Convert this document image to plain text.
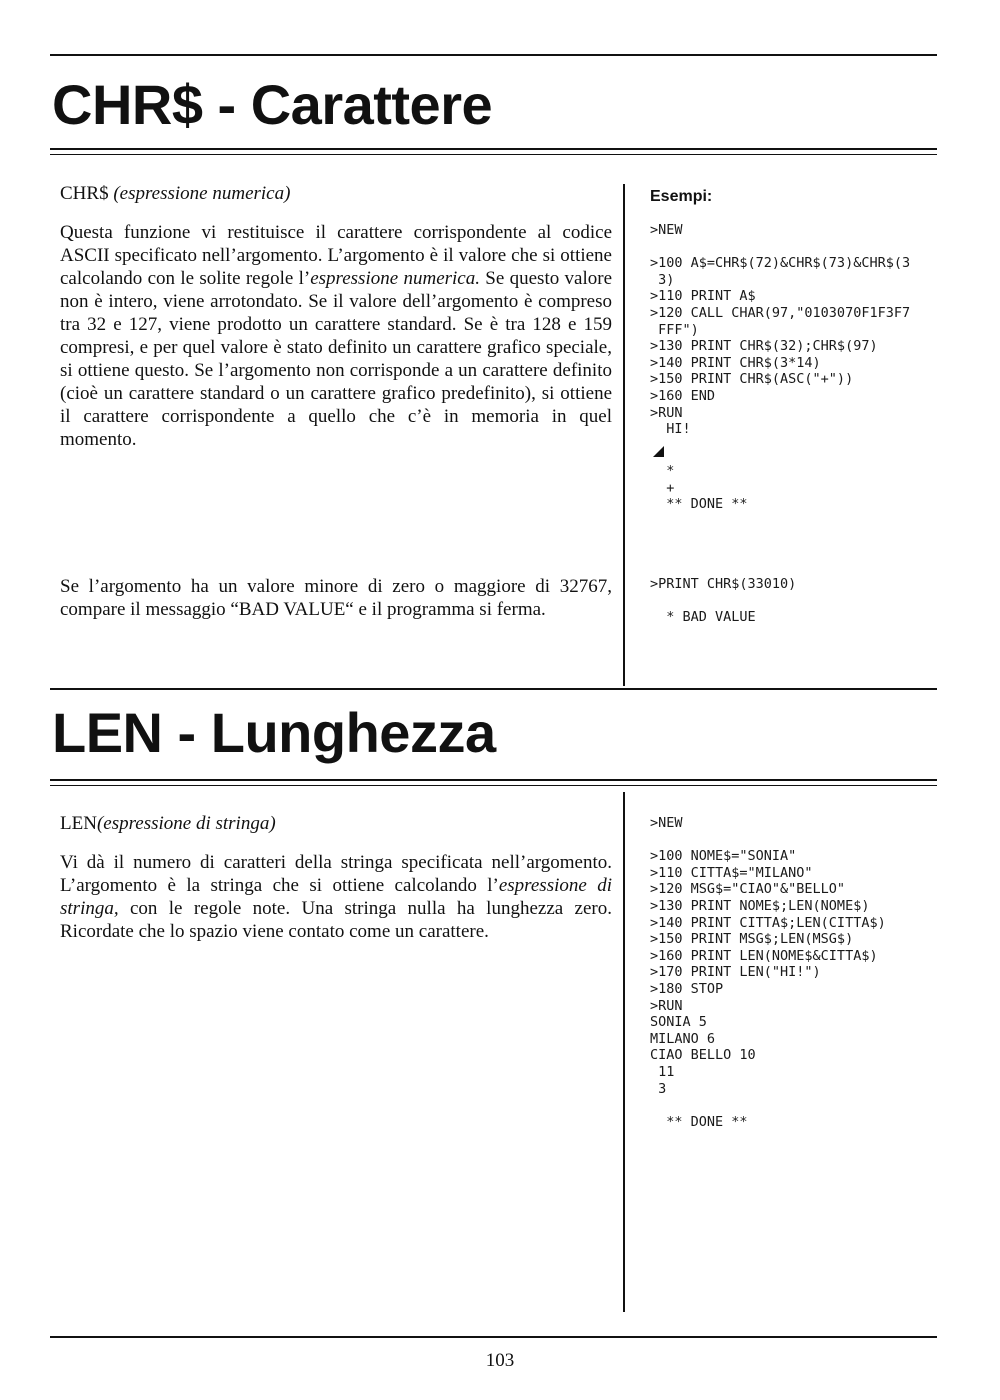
CHR$ - Carattere
CHR$ (espressione numerica)

Questa funzione vi restituisce il carattere corrispondente al codice ASCII specificato nell’argomento. L’argomento è il valore che si ottiene calcolando con le solite regole l’espressione numerica. Se questo valore non è intero, viene arrotondato. Se il valore dell’argomento è compreso tra 32 e 127, viene prodotto un carattere standard. Se è tra 128 e 159 compresi, e per quel valore è stato definito un carattere grafico speciale, si ottiene questo. Se l’argomento non corrisponde a un carattere definito (cioè un carattere standard o un carattere grafico predefinito), si ottiene il carattere corrispondente a quello che c’è in memoria in quel momento.

Se l’argomento ha un valore minore di zero o maggiore di 32767, compare il messaggio “BAD VALUE“ e il programma si ferma.

Esempi:
>NEW

>100 A$=CHR$(72)&CHR$(73)&CHR$(3
3)
>110 PRINT A$
>120 CALL CHAR(97,"0103070F1F3F7
FFF")
>130 PRINT CHR$(32);CHR$(97)
>140 PRINT CHR$(3*14)
>150 PRINT CHR$(ASC("+"))
>160 END
>RUN
HI!
*
+
** DONE **
>PRINT CHR$(33010)

* BAD VALUE
LEN - Lunghezza
LEN(espressione di stringa)

Vi dà il numero di caratteri della stringa specificata nell’argomento. L’argomento è la stringa che si ottiene calcolando l’espressione di stringa, con le regole note. Una stringa nulla ha lunghezza zero. Ricordate che lo spazio viene contato come un carattere.

>NEW

>100 NOME$="SONIA"
>110 CITTA$="MILANO"
>120 MSG$="CIAO"&"BELLO"
>130 PRINT NOME$;LEN(NOME$)
>140 PRINT CITTA$;LEN(CITTA$)
>150 PRINT MSG$;LEN(MSG$)
>160 PRINT LEN(NOME$&CITTA$)
>170 PRINT LEN("HI!")
>180 STOP
>RUN
SONIA 5
MILANO 6
CIAO BELLO 10
11
3

** DONE **
103
